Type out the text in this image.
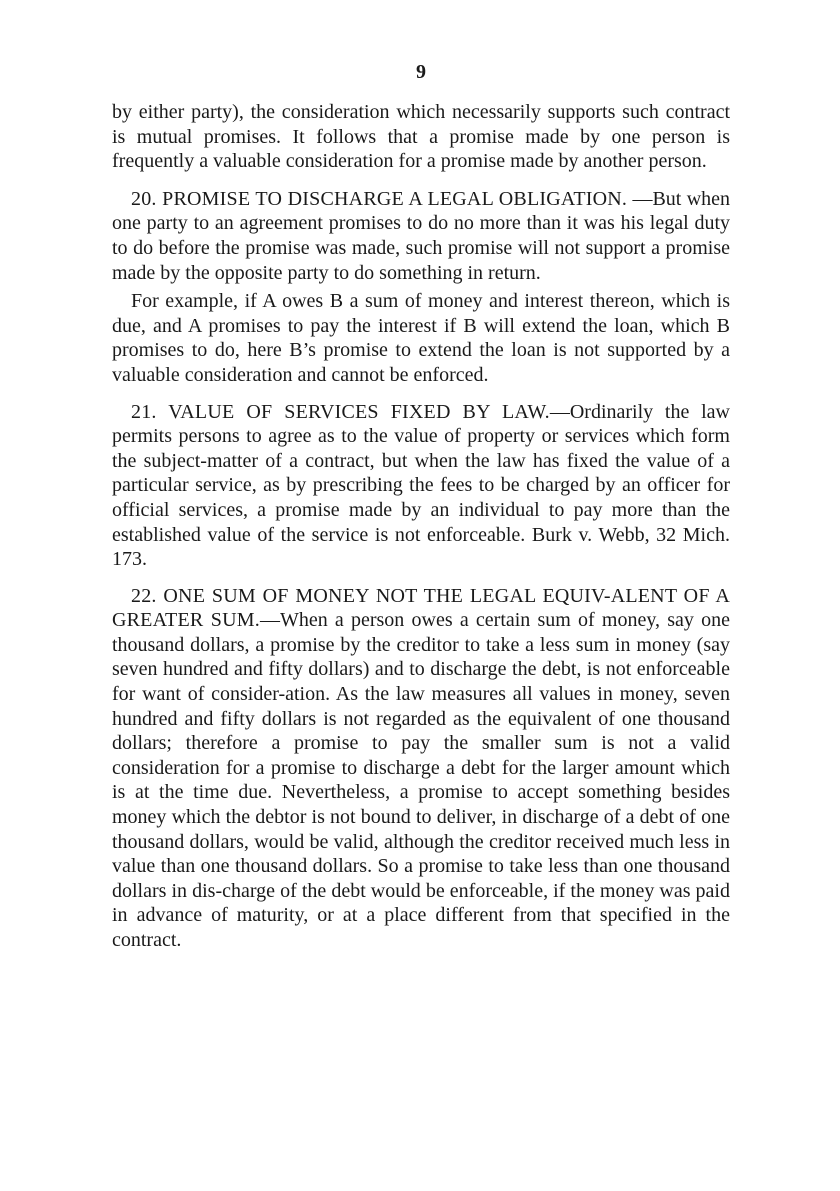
9

by either party), the consideration which necessarily supports such contract is mutual promises. It follows that a promise made by one person is frequently a valuable consideration for a promise made by another person.

20. PROMISE TO DISCHARGE A LEGAL OBLIGATION. —But when one party to an agreement promises to do no more than it was his legal duty to do before the promise was made, such promise will not support a promise made by the opposite party to do something in return.

For example, if A owes B a sum of money and interest thereon, which is due, and A promises to pay the interest if B will extend the loan, which B promises to do, here B’s promise to extend the loan is not supported by a valuable consideration and cannot be enforced.

21. VALUE OF SERVICES FIXED BY LAW.—Ordinarily the law permits persons to agree as to the value of property or services which form the subject-matter of a contract, but when the law has fixed the value of a particular service, as by prescribing the fees to be charged by an officer for official services, a promise made by an individual to pay more than the established value of the service is not enforceable. Burk v. Webb, 32 Mich. 173.

22. ONE SUM OF MONEY NOT THE LEGAL EQUIV-ALENT OF A GREATER SUM.—When a person owes a certain sum of money, say one thousand dollars, a promise by the creditor to take a less sum in money (say seven hundred and fifty dollars) and to discharge the debt, is not enforceable for want of consider-ation. As the law measures all values in money, seven hundred and fifty dollars is not regarded as the equivalent of one thousand dollars; therefore a promise to pay the smaller sum is not a valid consideration for a promise to discharge a debt for the larger amount which is at the time due. Nevertheless, a promise to accept something besides money which the debtor is not bound to deliver, in discharge of a debt of one thousand dollars, would be valid, although the creditor received much less in value than one thousand dollars. So a promise to take less than one thousand dollars in dis-charge of the debt would be enforceable, if the money was paid in advance of maturity, or at a place different from that specified in the contract.
